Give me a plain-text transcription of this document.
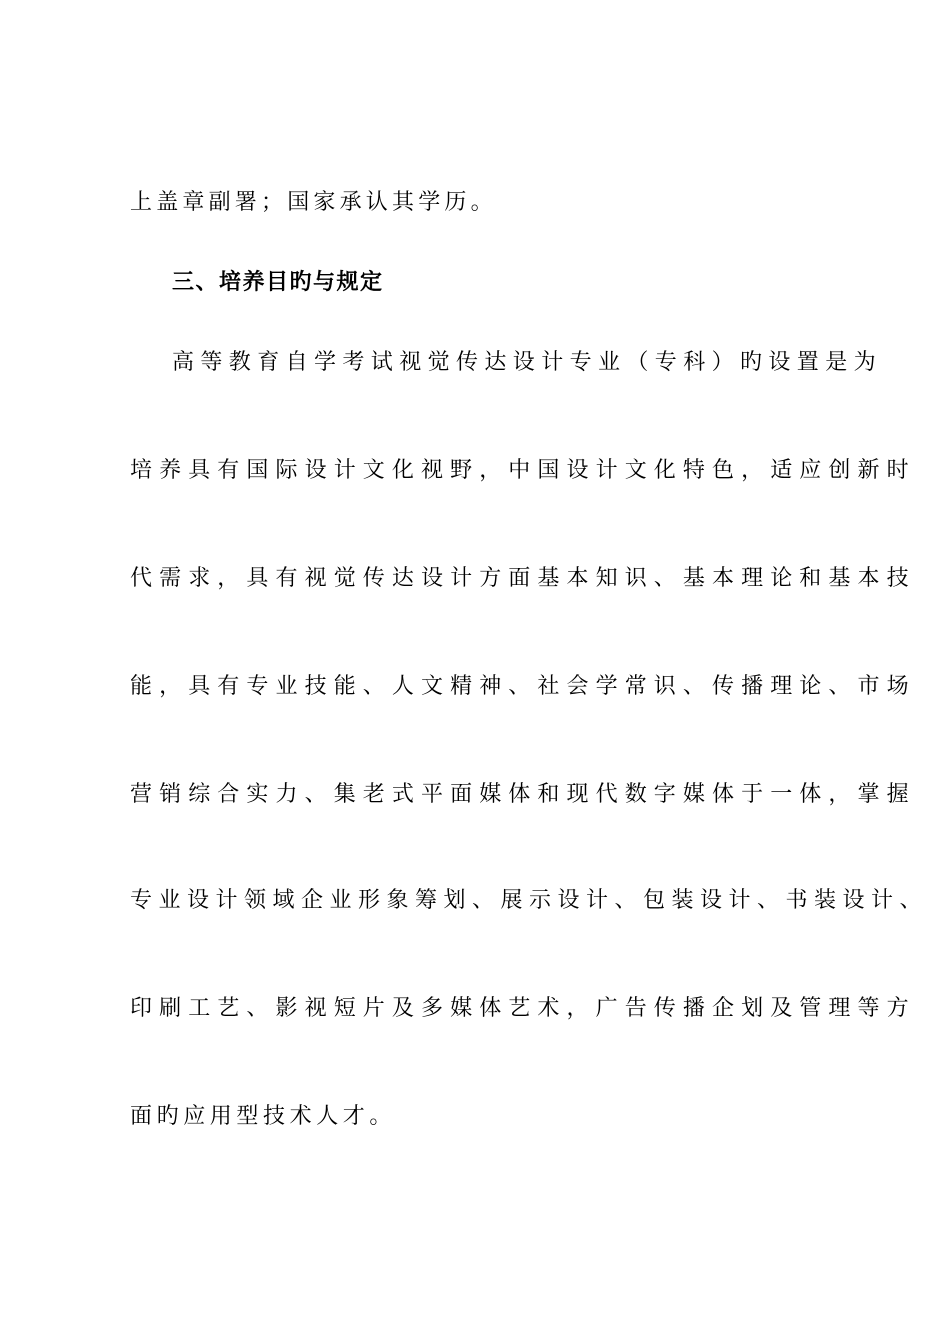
上盖章副署；国家承认其学历。
三、培养目旳与规定
高等教育自学考试视觉传达设计专业（专科）旳设置是为
培养具有国际设计文化视野，中国设计文化特色，适应创新时
代需求，具有视觉传达设计方面基本知识、基本理论和基本技
能，具有专业技能、人文精神、社会学常识、传播理论、市场
营销综合实力、集老式平面媒体和现代数字媒体于一体，掌握
专业设计领域企业形象筹划、展示设计、包装设计、书装设计、
印刷工艺、影视短片及多媒体艺术，广告传播企划及管理等方
面旳应用型技术人才。
